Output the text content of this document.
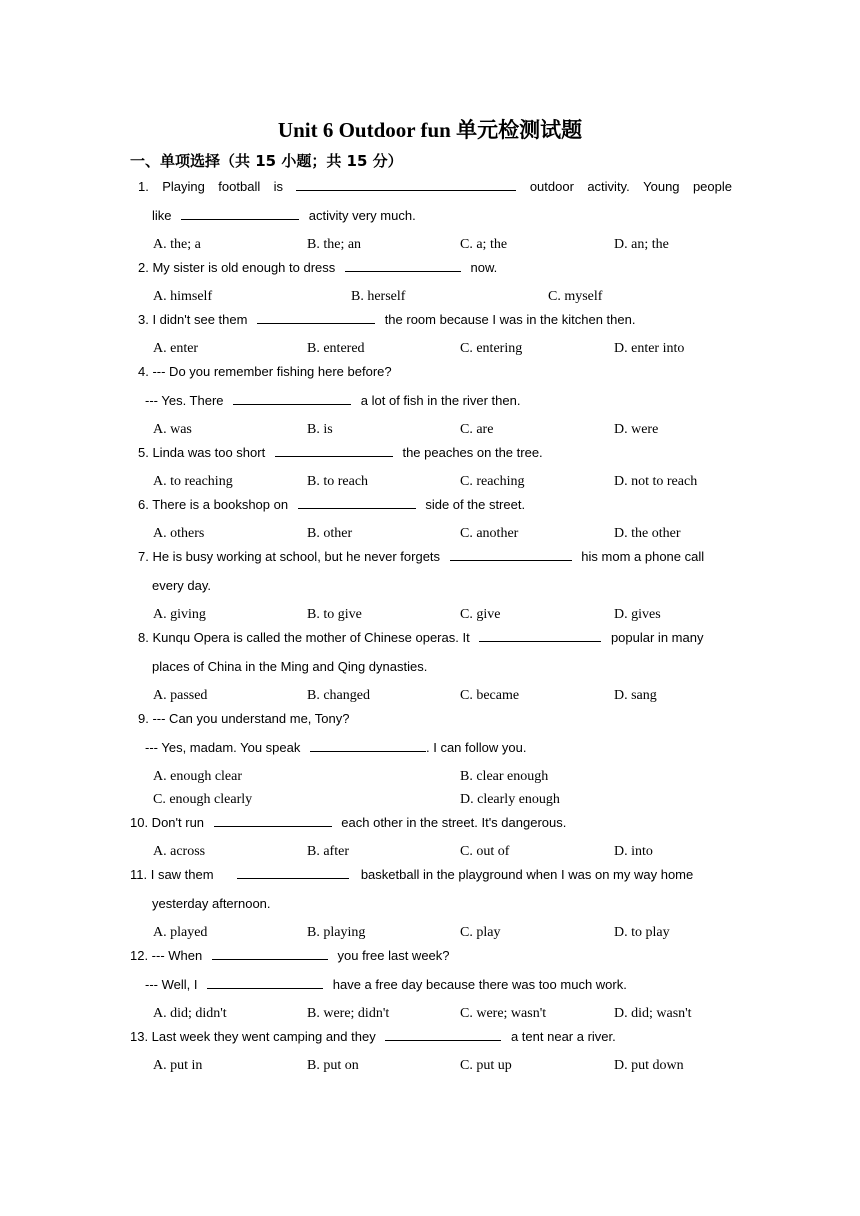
Unit 6 Outdoor fun 单元检测试题
一、单项选择（共 15 小题；共 15 分）
1. Playing football is	outdoor activity. Young people
like	activity very much.
A. the; a	B. the; an	C. a; the	D. an; the
2. My sister is old enough to dress	now.
A. himself	B. herself	C. myself
3. I didn't see them	the room because I was in the kitchen then.
A. enter	B. entered	C. entering	D. enter into
4. --- Do you remember fishing here before?
--- Yes. There	a lot of fish in the river then.
A. was	B. is	C. are	D. were
5. Linda was too short	the peaches on the tree.
A. to reaching	B. to reach	C. reaching	D. not to reach
6. There is a bookshop on	side of the street.
A. others	B. other	C. another	D. the other
7. He is busy working at school, but he never forgets	his mom a phone call
every day.
A. giving	B. to give	C. give	D. gives
8. Kunqu Opera is called the mother of Chinese operas. It	popular in many
places of China in the Ming and Qing dynasties.
A. passed	B. changed	C. became	D. sang
9. --- Can you understand me, Tony?
--- Yes, madam. You speak	. I can follow you.
A. enough clear	B. clear enough
C. enough clearly	D. clearly enough
10. Don't run	each other in the street. It's dangerous.
A. across	B. after	C. out of	D. into
11. I saw them	basketball in the playground when I was on my way home
yesterday afternoon.
A. played	B. playing	C. play	D. to play
12. --- When	you free last week?
--- Well, I	have a free day because there was too much work.
A. did; didn't	B. were; didn't	C. were; wasn't	D. did; wasn't
13. Last week they went camping and they	a tent near a river.
A. put in	B. put on	C. put up	D. put down
